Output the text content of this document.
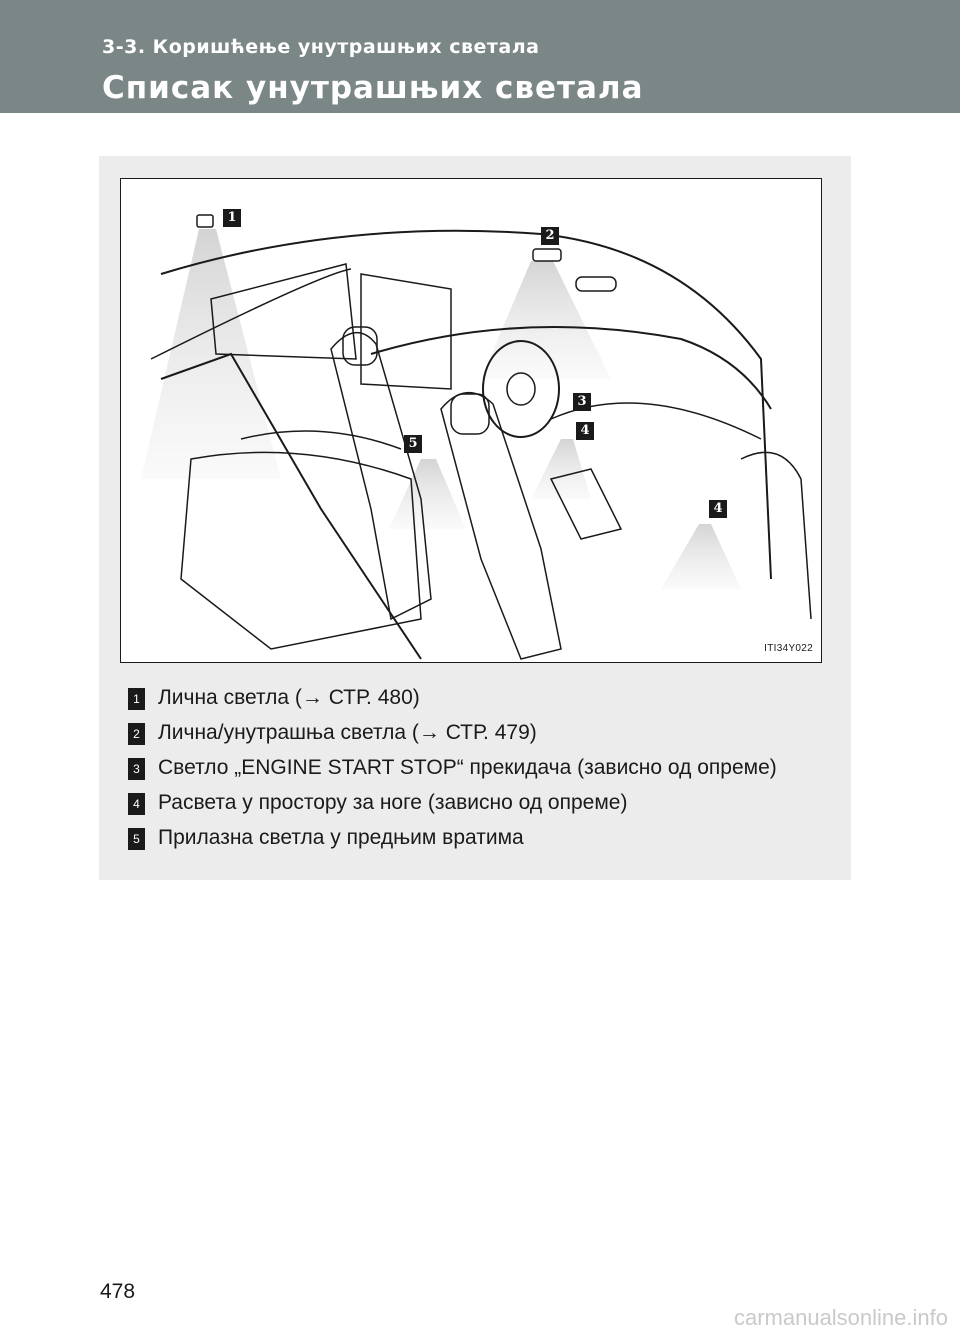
3-3. Коришћење унутрашњих светала
Списак унутрашњих светала
1
2
3
4
5
4
ITI34Y022
1 Лична светла (→ СТР. 480)
2 Лична/унутрашња светла (→ СТР. 479)
3 Светло „ENGINE START STOP“ прекидача (зависно од опреме)
4 Расвета у простору за ноге (зависно од опреме)
5 Прилазна светла у предњим вратима
478
carmanualsonline.info
